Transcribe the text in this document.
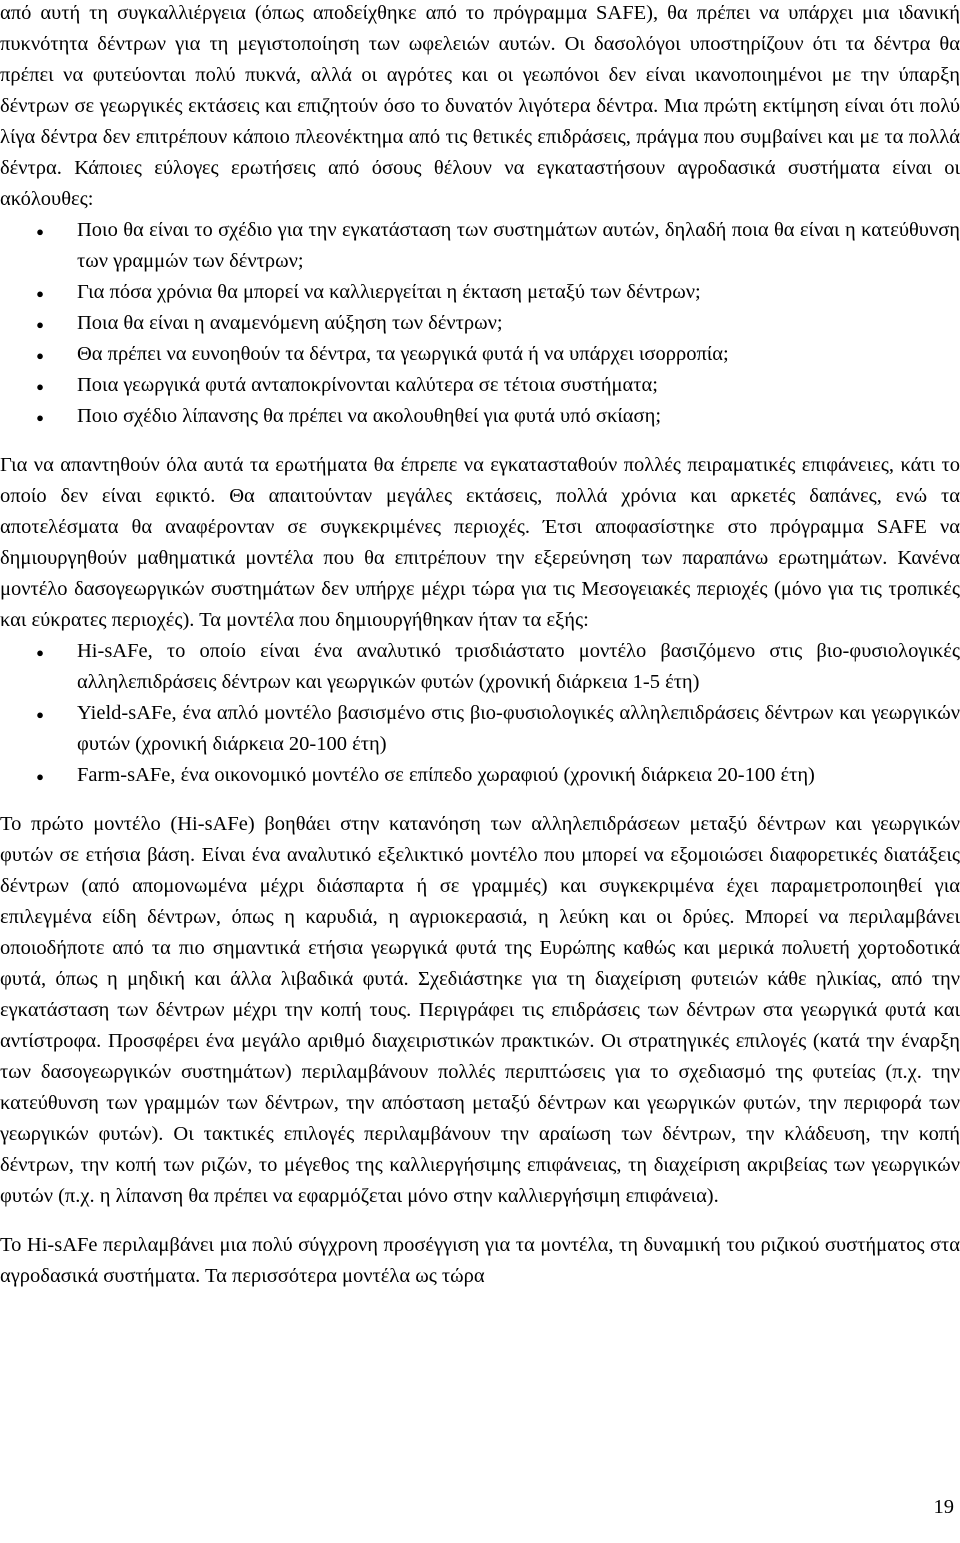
από αυτή τη συγκαλλιέργεια (όπως αποδείχθηκε από το πρόγραμμα SAFE), θα πρέπει να υπάρχει μια ιδανική πυκνότητα δέντρων για τη μεγιστοποίηση των ωφελειών αυτών. Οι δασολόγοι υποστηρίζουν ότι τα δέντρα θα πρέπει να φυτεύονται πολύ πυκνά, αλλά οι αγρότες και οι γεωπόνοι δεν είναι ικανοποιημένοι με την ύπαρξη δέντρων σε γεωργικές εκτάσεις και επιζητούν όσο το δυνατόν λιγότερα δέντρα. Μια πρώτη εκτίμηση είναι ότι πολύ λίγα δέντρα δεν επιτρέπουν κάποιο πλεονέκτημα από τις θετικές επιδράσεις, πράγμα που συμβαίνει και με τα πολλά δέντρα. Κάποιες εύλογες ερωτήσεις από όσους θέλουν να εγκαταστήσουν αγροδασικά συστήματα είναι οι ακόλουθες:

●
Ποιο θα είναι το σχέδιο για την εγκατάσταση των συστημάτων αυτών, δηλαδή ποια θα είναι η κατεύθυνση των γραμμών των δέντρων;
●
Για πόσα χρόνια θα μπορεί να καλλιεργείται η έκταση μεταξύ των δέντρων;
●
Ποια θα είναι η αναμενόμενη αύξηση των δέντρων;
●
Θα πρέπει να ευνοηθούν τα δέντρα, τα γεωργικά φυτά ή να υπάρχει ισορροπία;
●
Ποια γεωργικά φυτά ανταποκρίνονται καλύτερα σε τέτοια συστήματα;
●
Ποιο σχέδιο λίπανσης θα πρέπει να ακολουθηθεί για φυτά υπό σκίαση;

Για να απαντηθούν όλα αυτά τα ερωτήματα θα έπρεπε να εγκατασταθούν πολλές πειραματικές επιφάνειες, κάτι το οποίο δεν είναι εφικτό. Θα απαιτούνταν μεγάλες εκτάσεις, πολλά χρόνια και αρκετές δαπάνες, ενώ τα αποτελέσματα θα αναφέρονταν σε συγκεκριμένες περιοχές. Έτσι αποφασίστηκε στο πρόγραμμα SAFE να δημιουργηθούν μαθηματικά μοντέλα που θα επιτρέπουν την εξερεύνηση των παραπάνω ερωτημάτων. Κανένα μοντέλο δασογεωργικών συστημάτων δεν υπήρχε μέχρι τώρα για τις Μεσογειακές περιοχές (μόνο για τις τροπικές και εύκρατες περιοχές). Τα μοντέλα που δημιουργήθηκαν ήταν τα εξής:

●
Hi-sAFe, το οποίο είναι ένα αναλυτικό τρισδιάστατο μοντέλο βασιζόμενο στις βιο-φυσιολογικές αλληλεπιδράσεις δέντρων και γεωργικών φυτών (χρονική διάρκεια 1-5 έτη)
●
Yield-sAFe, ένα απλό μοντέλο βασισμένο στις βιο-φυσιολογικές αλληλεπιδράσεις δέντρων και γεωργικών φυτών (χρονική διάρκεια 20-100 έτη)
●
Farm-sAFe, ένα οικονομικό μοντέλο σε επίπεδο χωραφιού (χρονική διάρκεια 20-100 έτη)

Το πρώτο μοντέλο (Hi-sAFe) βοηθάει στην κατανόηση των αλληλεπιδράσεων μεταξύ δέντρων και γεωργικών φυτών σε ετήσια βάση. Είναι ένα αναλυτικό εξελικτικό μοντέλο που μπορεί να εξομοιώσει διαφορετικές διατάξεις δέντρων (από απομονωμένα μέχρι διάσπαρτα ή σε γραμμές) και συγκεκριμένα έχει παραμετροποιηθεί για επιλεγμένα είδη δέντρων, όπως η καρυδιά, η αγριοκερασιά, η λεύκη και οι δρύες. Μπορεί να περιλαμβάνει οποιοδήποτε από τα πιο σημαντικά ετήσια γεωργικά φυτά της Ευρώπης καθώς και μερικά πολυετή χορτοδοτικά φυτά, όπως η μηδική και άλλα λιβαδικά φυτά. Σχεδιάστηκε για τη διαχείριση φυτειών κάθε ηλικίας, από την εγκατάσταση των δέντρων μέχρι την κοπή τους. Περιγράφει τις επιδράσεις των δέντρων στα γεωργικά φυτά και αντίστροφα. Προσφέρει ένα μεγάλο αριθμό διαχειριστικών πρακτικών. Οι στρατηγικές επιλογές (κατά την έναρξη των δασογεωργικών συστημάτων) περιλαμβάνουν πολλές περιπτώσεις για το σχεδιασμό της φυτείας (π.χ. την κατεύθυνση των γραμμών των δέντρων, την απόσταση μεταξύ δέντρων και γεωργικών φυτών, την περιφορά των γεωργικών φυτών). Οι τακτικές επιλογές περιλαμβάνουν την αραίωση των δέντρων, την κλάδευση, την κοπή δέντρων, την κοπή των ριζών, το μέγεθος της καλλιεργήσιμης επιφάνειας, τη διαχείριση ακριβείας των γεωργικών φυτών (π.χ. η λίπανση θα πρέπει να εφαρμόζεται μόνο στην καλλιεργήσιμη επιφάνεια).

Το Hi-sAFe περιλαμβάνει μια πολύ σύγχρονη προσέγγιση για τα μοντέλα, τη δυναμική του ριζικού συστήματος στα αγροδασικά συστήματα. Τα περισσότερα μοντέλα ως τώρα

19
